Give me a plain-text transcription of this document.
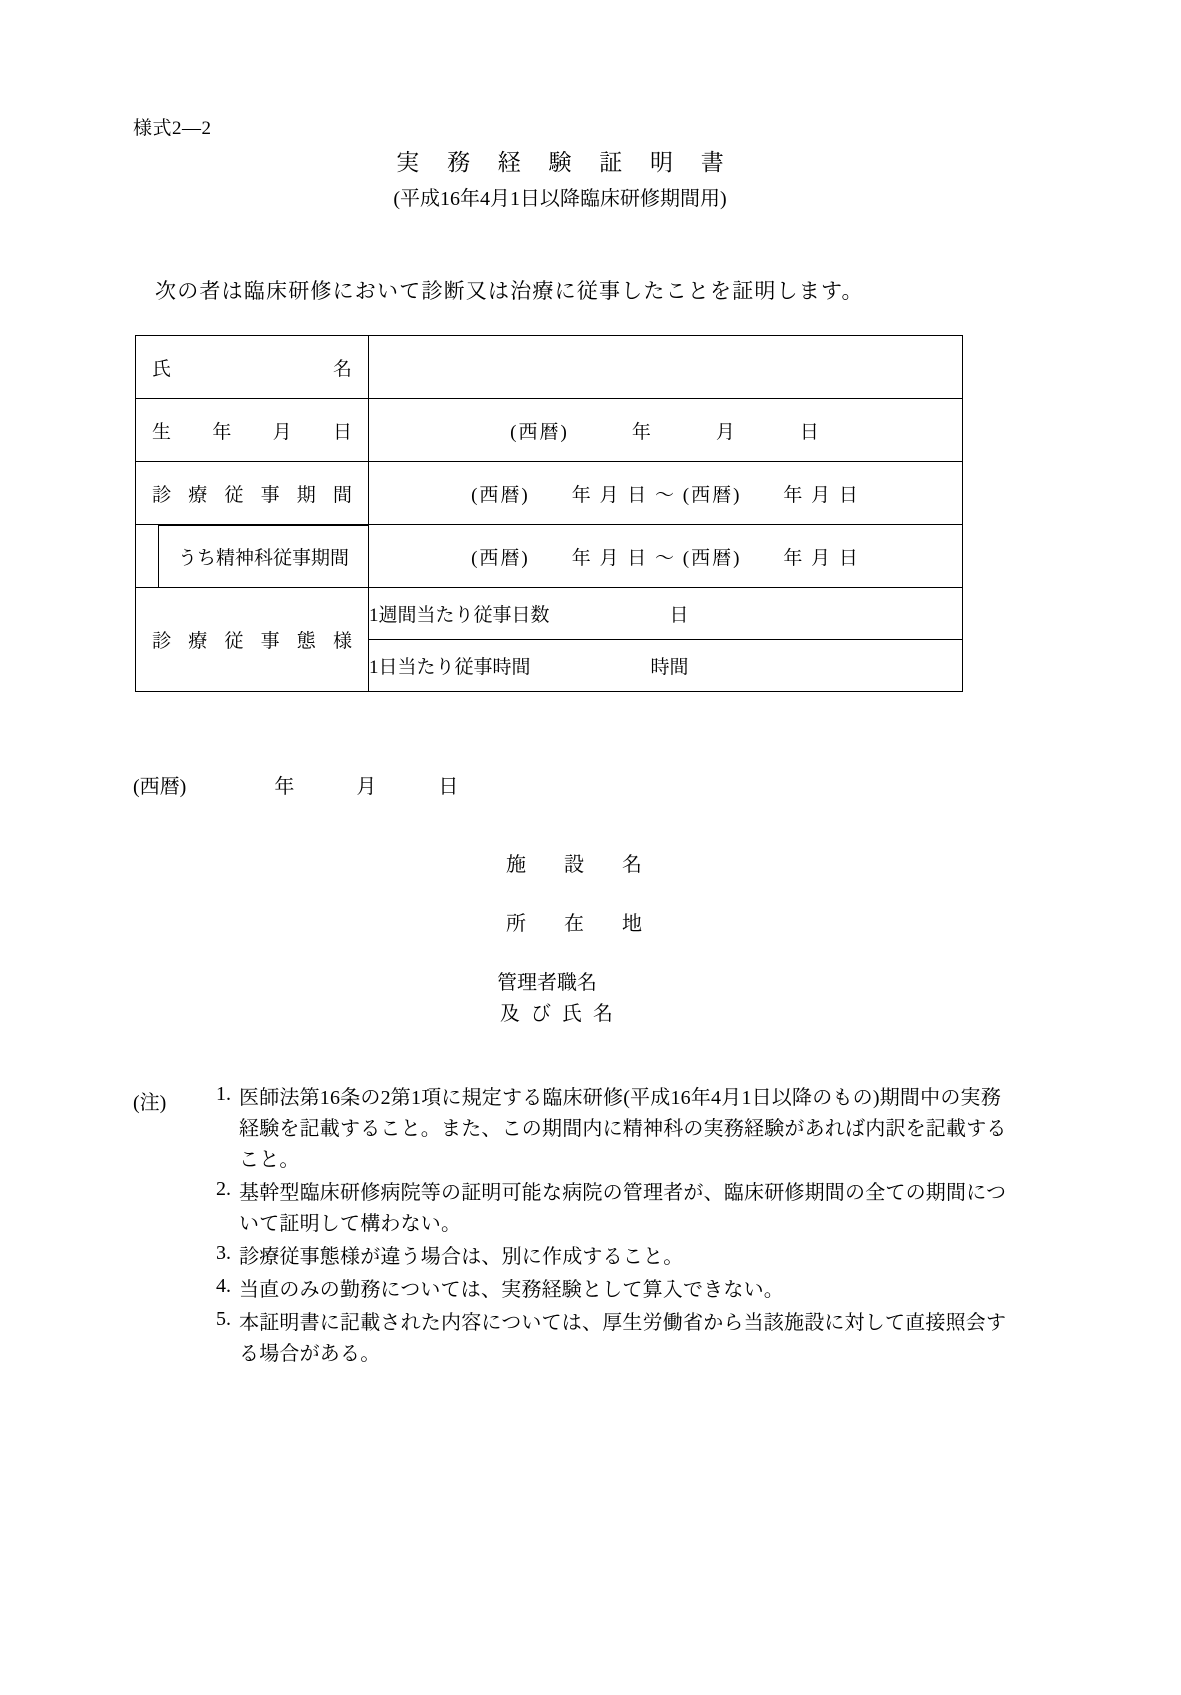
様式2―2
実 務 経 験 証 明 書
(平成16年4月1日以降臨床研修期間用)
次の者は臨床研修において診断又は治療に従事したことを証明します。
氏　　　　名	

生　年　月　日	(西暦)　　　年　　　月　　　日

診 療 従 事 期 間	(西暦)　　年 月 日 ～ (西暦)　　年 月 日

うち精神科従事期間	(西暦)　　年 月 日 ～ (西暦)　　年 月 日

診 療 従 事 態 様	1週間当たり従事日数 日
	1日当たり従事時間 時間
(西暦)	年	月	日
施　設　名
所　在　地
管理者職名
及 び 氏 名
(注)	1. 医師法第16条の2第1項に規定する臨床研修(平成16年4月1日以降のもの)期間中の実務経験を記載すること。また、この期間内に精神科の実務経験があれば内訳を記載すること。
2. 基幹型臨床研修病院等の証明可能な病院の管理者が、臨床研修期間の全ての期間について証明して構わない。
3. 診療従事態様が違う場合は、別に作成すること。
4. 当直のみの勤務については、実務経験として算入できない。
5. 本証明書に記載された内容については、厚生労働省から当該施設に対して直接照会する場合がある。
